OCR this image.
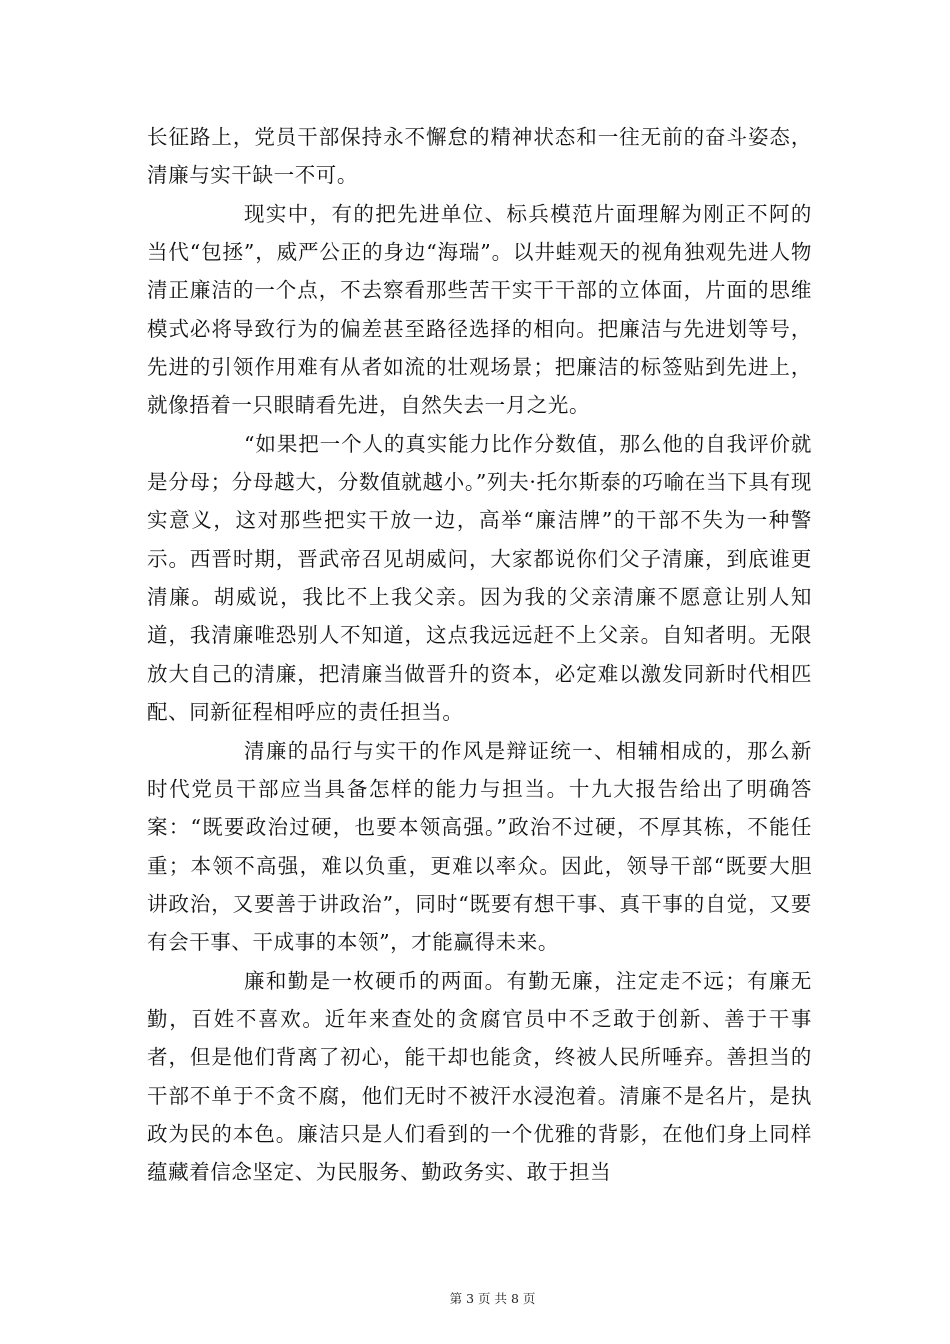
长征路上，党员干部保持永不懈怠的精神状态和一往无前的奋斗姿态，清廉与实干缺一不可。

现实中，有的把先进单位、标兵模范片面理解为刚正不阿的当代“包拯”，威严公正的身边“海瑞”。以井蛙观天的视角独观先进人物清正廉洁的一个点，不去察看那些苦干实干干部的立体面，片面的思维模式必将导致行为的偏差甚至路径选择的相向。把廉洁与先进划等号，先进的引领作用难有从者如流的壮观场景；把廉洁的标签贴到先进上，就像捂着一只眼睛看先进，自然失去一月之光。

“如果把一个人的真实能力比作分数值，那么他的自我评价就是分母；分母越大，分数值就越小。”列夫·托尔斯泰的巧喻在当下具有现实意义，这对那些把实干放一边，高举“廉洁牌”的干部不失为一种警示。西晋时期，晋武帝召见胡威问，大家都说你们父子清廉，到底谁更清廉。胡威说，我比不上我父亲。因为我的父亲清廉不愿意让别人知道，我清廉唯恐别人不知道，这点我远远赶不上父亲。自知者明。无限放大自己的清廉，把清廉当做晋升的资本，必定难以激发同新时代相匹配、同新征程相呼应的责任担当。

清廉的品行与实干的作风是辩证统一、相辅相成的，那么新时代党员干部应当具备怎样的能力与担当。十九大报告给出了明确答案：“既要政治过硬，也要本领高强。”政治不过硬，不厚其栋，不能任重；本领不高强，难以负重，更难以率众。因此，领导干部“既要大胆讲政治，又要善于讲政治”，同时“既要有想干事、真干事的自觉，又要有会干事、干成事的本领”，才能赢得未来。

廉和勤是一枚硬币的两面。有勤无廉，注定走不远；有廉无勤，百姓不喜欢。近年来查处的贪腐官员中不乏敢于创新、善于干事者，但是他们背离了初心，能干却也能贪，终被人民所唾弃。善担当的干部不单于不贪不腐，他们无时不被汗水浸泡着。清廉不是名片，是执政为民的本色。廉洁只是人们看到的一个优雅的背影，在他们身上同样蕴藏着信念坚定、为民服务、勤政务实、敢于担当

第 3 页 共 8 页
